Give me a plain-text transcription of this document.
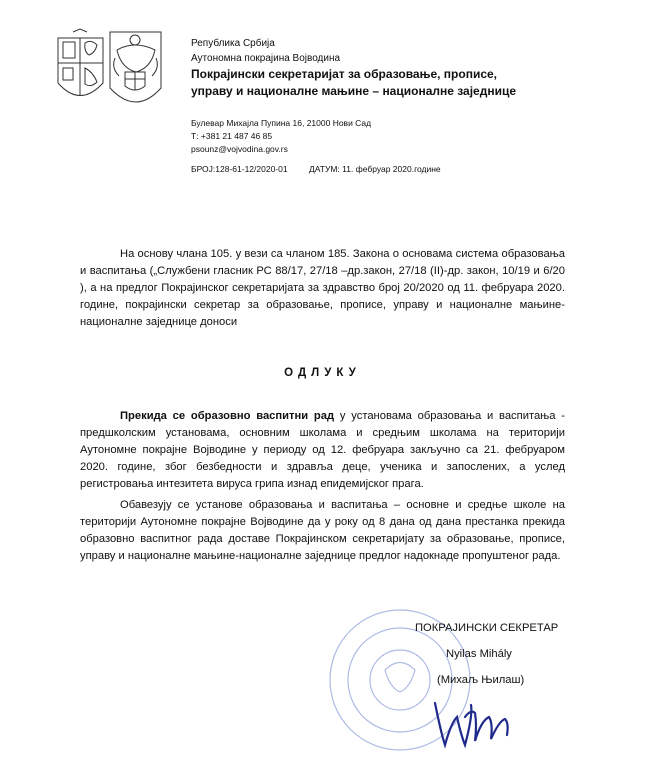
Република Србија
Аутономна покрајина Војводина
Покрајински секретаријат за образовање, прописе,
управу и националне мањине – националне заједнице
Булевар Михајла Пупина 16, 21000 Нови Сад
Т: +381 21 487 46 85
psounz@vojvodina.gov.rs
БРОЈ:128-61-12/2020-01	ДАТУМ: 11. фебруар 2020.године
На основу члана 105. у вези са чланом 185. Закона о основама система образовања и васпитања („Службени гласник РС 88/17, 27/18 –др.закон, 27/18 (II)-др. закон, 10/19 и 6/20 ), а на предлог Покрајинског секретаријата за здравство број 20/2020 од 11. фебруара 2020. године, покрајински секретар за образовање, прописе, управу и национaлне мањине-национaлне заједнице доноси
ОДЛУКУ
Прекида се образовно васпитни рад у установама образовања и васпитања - предшколским установама, основним школама и средњим школама на територији Аутономне покрајне Војводине у периоду од 12. фебруара закључно са 21. фебруаром 2020. године, због безбедности и здравља деце, ученика и запослених, а услед регистровања интезитета вируса грипа изнад епидемијског прага.
Обавезују се установе образовања и васпитања – основне и средње школе на територији Аутономне покрајне Војводине да у року од 8 дана од дана престанка прекида образовно васпитног рада доставе Покрајинском секретаријату за образовање, прописе, управу и национaлне мањине-национaлне заједнице предлог надокнаде пропуштеног рада.
ПОКРАЈИНСКИ СЕКРЕТАР
Nyilas Mihály
(Михаљ Њилаш)
